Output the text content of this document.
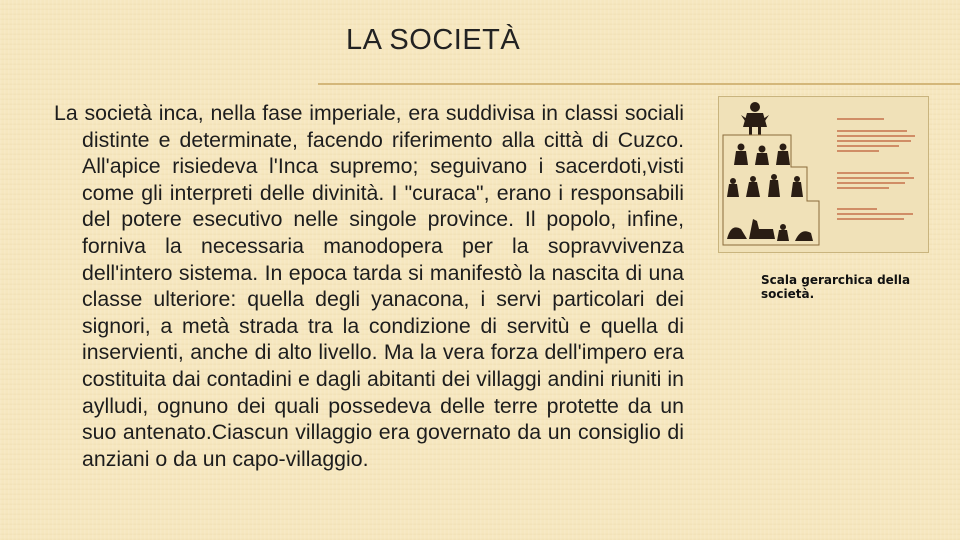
LA SOCIETÀ
La società inca, nella fase imperiale, era suddivisa in classi sociali distinte e determinate, facendo riferimento alla città di Cuzco. All'apice risiedeva l'Inca supremo; seguivano i sacerdoti,visti come gli interpreti delle divinità. I "curaca", erano i responsabili del potere esecutivo nelle singole province. Il popolo, infine, forniva la necessaria manodopera per la sopravvivenza dell'intero sistema. In epoca tarda si manifestò la nascita di una classe ulteriore: quella degli yanacona, i servi particolari dei signori, a metà strada tra la condizione di servitù e quella di inservienti, anche di alto livello. Ma la vera forza dell'impero era costituita dai contadini e dagli abitanti dei villaggi andini riuniti in aylludi, ognuno dei quali possedeva delle terre protette da un suo antenato.Ciascun villaggio era governato da un consiglio di anziani o da un capo-villaggio.
Scala gerarchica della società.
